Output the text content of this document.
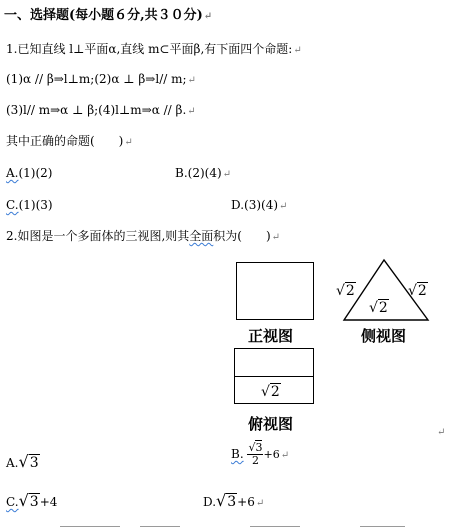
一、选择题(每小题６分,共３０分)↵
1.已知直线 l⊥平面α,直线 m⊂平面β,有下面四个命题:↵
(1)α // β⇒l⊥m;(2)α ⊥ β⇒l// m;↵
(3)l// m⇒α ⊥ β;(4)l⊥m⇒α // β.↵
其中正确的命题(　　)↵
A.(1)(2)	B.(2)(4)↵
C.(1)(3)	D.(3)(4)↵
2.如图是一个多面体的三视图,则其全面积为(　　)↵
正视图
√2	√2
√2
侧视图
√2
俯视图	↵
A.√3
B. $\frac{√3}{2}$ +6↵
C.√3+4	D.√3+6↵
